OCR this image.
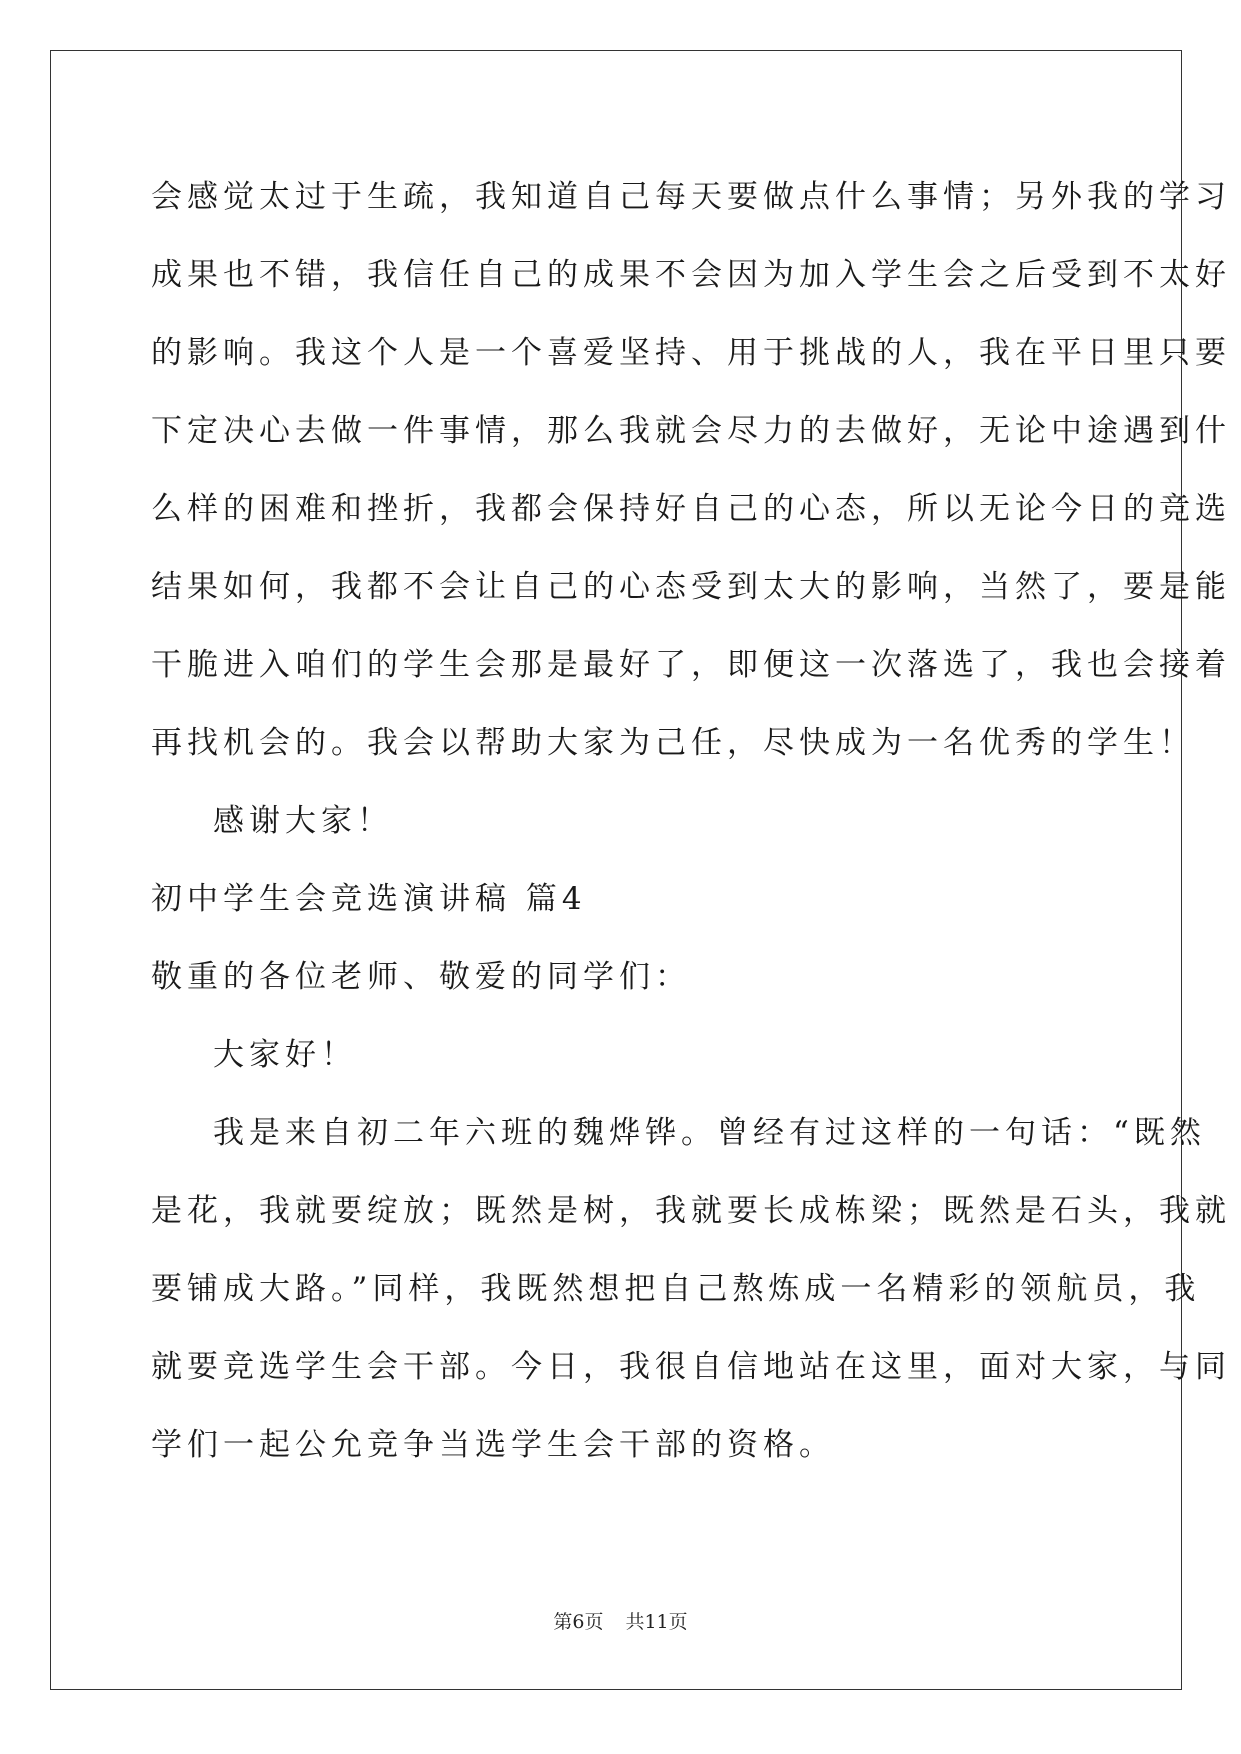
会感觉太过于生疏，我知道自己每天要做点什么事情；另外我的学习
成果也不错，我信任自己的成果不会因为加入学生会之后受到不太好
的影响。我这个人是一个喜爱坚持、用于挑战的人，我在平日里只要
下定决心去做一件事情，那么我就会尽力的去做好，无论中途遇到什
么样的困难和挫折，我都会保持好自己的心态，所以无论今日的竞选
结果如何，我都不会让自己的心态受到太大的影响，当然了，要是能
干脆进入咱们的学生会那是最好了，即便这一次落选了，我也会接着
再找机会的。我会以帮助大家为己任，尽快成为一名优秀的学生！
感谢大家！
初中学生会竞选演讲稿 篇4
敬重的各位老师、敬爱的同学们：
大家好！
我是来自初二年六班的魏烨铧。曾经有过这样的一句话：“既然
是花，我就要绽放；既然是树，我就要长成栋梁；既然是石头，我就
要铺成大路。”同样，我既然想把自己熬炼成一名精彩的领航员，我
就要竞选学生会干部。今日，我很自信地站在这里，面对大家，与同
学们一起公允竞争当选学生会干部的资格。
第6页 共11页
